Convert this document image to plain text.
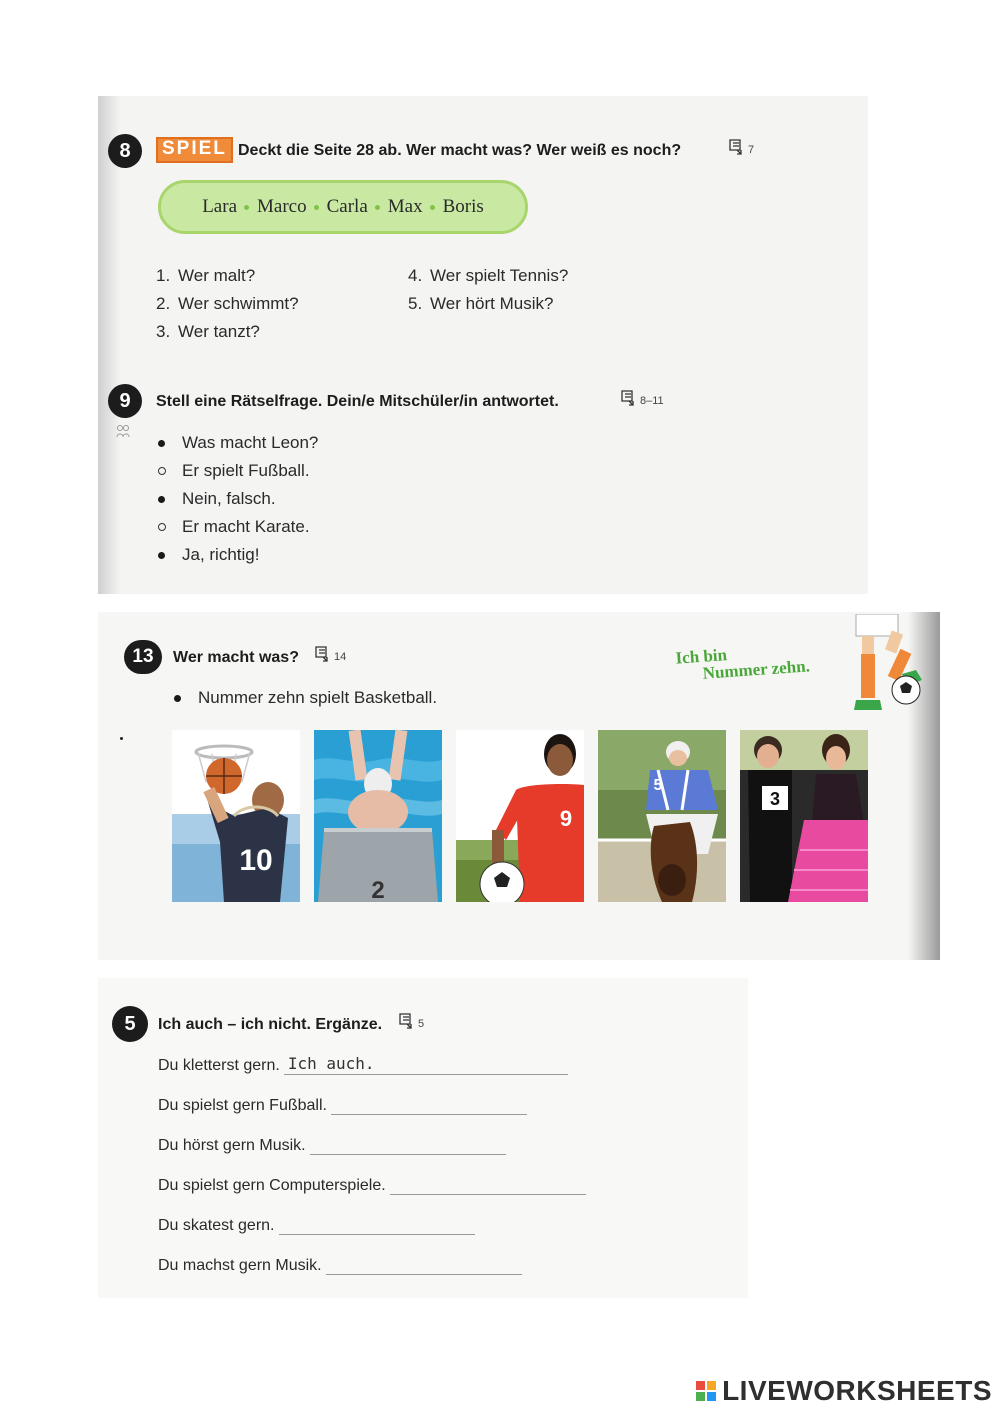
8	SPIEL Deckt die Seite 28 ab. Wer macht was? Wer weiß es noch?	7
Lara	Marco	Carla	Max	Boris
1. Wer malt?
2. Wer schwimmt?
3. Wer tanzt?
4. Wer spielt Tennis?
5. Wer hört Musik?
9	Stell eine Rätselfrage. Dein/e Mitschüler/in antwortet.	8–11
Was macht Leon?
Er spielt Fußball.
Nein, falsch.
Er macht Karate.
Ja, richtig!
13	Wer macht was?	14
Nummer zehn spielt Basketball.
Ich bin
Nummer zehn.
10
2
9
5
3
5	Ich auch – ich nicht. Ergänze.	5
Du kletterst gern. Ich auch.
Du spielst gern Fußball.
Du hörst gern Musik.
Du spielst gern Computerspiele.
Du skatest gern.
Du machst gern Musik.
LIVEWORKSHEETS
